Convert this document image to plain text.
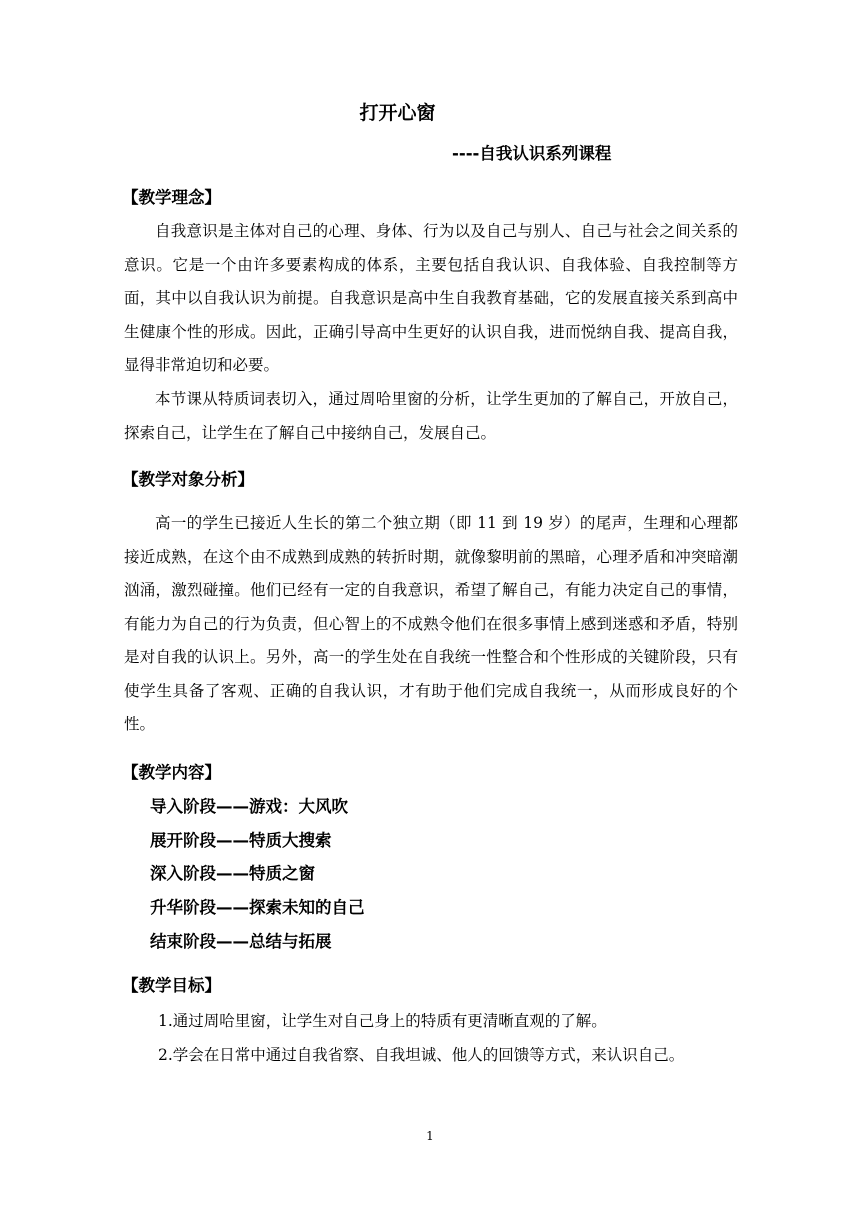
打开心窗
----自我认识系列课程
【教学理念】

自我意识是主体对自己的心理、身体、行为以及自己与别人、自己与社会之间关系的意识。它是一个由许多要素构成的体系，主要包括自我认识、自我体验、自我控制等方面，其中以自我认识为前提。自我意识是高中生自我教育基础，它的发展直接关系到高中生健康个性的形成。因此，正确引导高中生更好的认识自我，进而悦纳自我、提高自我，显得非常迫切和必要。

本节课从特质词表切入，通过周哈里窗的分析，让学生更加的了解自己，开放自己，探索自己，让学生在了解自己中接纳自己，发展自己。

【教学对象分析】

高一的学生已接近人生长的第二个独立期（即 11 到 19 岁）的尾声，生理和心理都接近成熟，在这个由不成熟到成熟的转折时期，就像黎明前的黑暗，心理矛盾和冲突暗潮汹涌，激烈碰撞。他们已经有一定的自我意识，希望了解自己，有能力决定自己的事情，有能力为自己的行为负责，但心智上的不成熟令他们在很多事情上感到迷惑和矛盾，特别是对自我的认识上。另外，高一的学生处在自我统一性整合和个性形成的关键阶段，只有使学生具备了客观、正确的自我认识，才有助于他们完成自我统一，从而形成良好的个性。

【教学内容】
导入阶段——游戏：大风吹
展开阶段——特质大搜索
深入阶段——特质之窗
升华阶段——探索未知的自己
结束阶段——总结与拓展
【教学目标】
1.通过周哈里窗，让学生对自己身上的特质有更清晰直观的了解。
2.学会在日常中通过自我省察、自我坦诚、他人的回馈等方式，来认识自己。
1
